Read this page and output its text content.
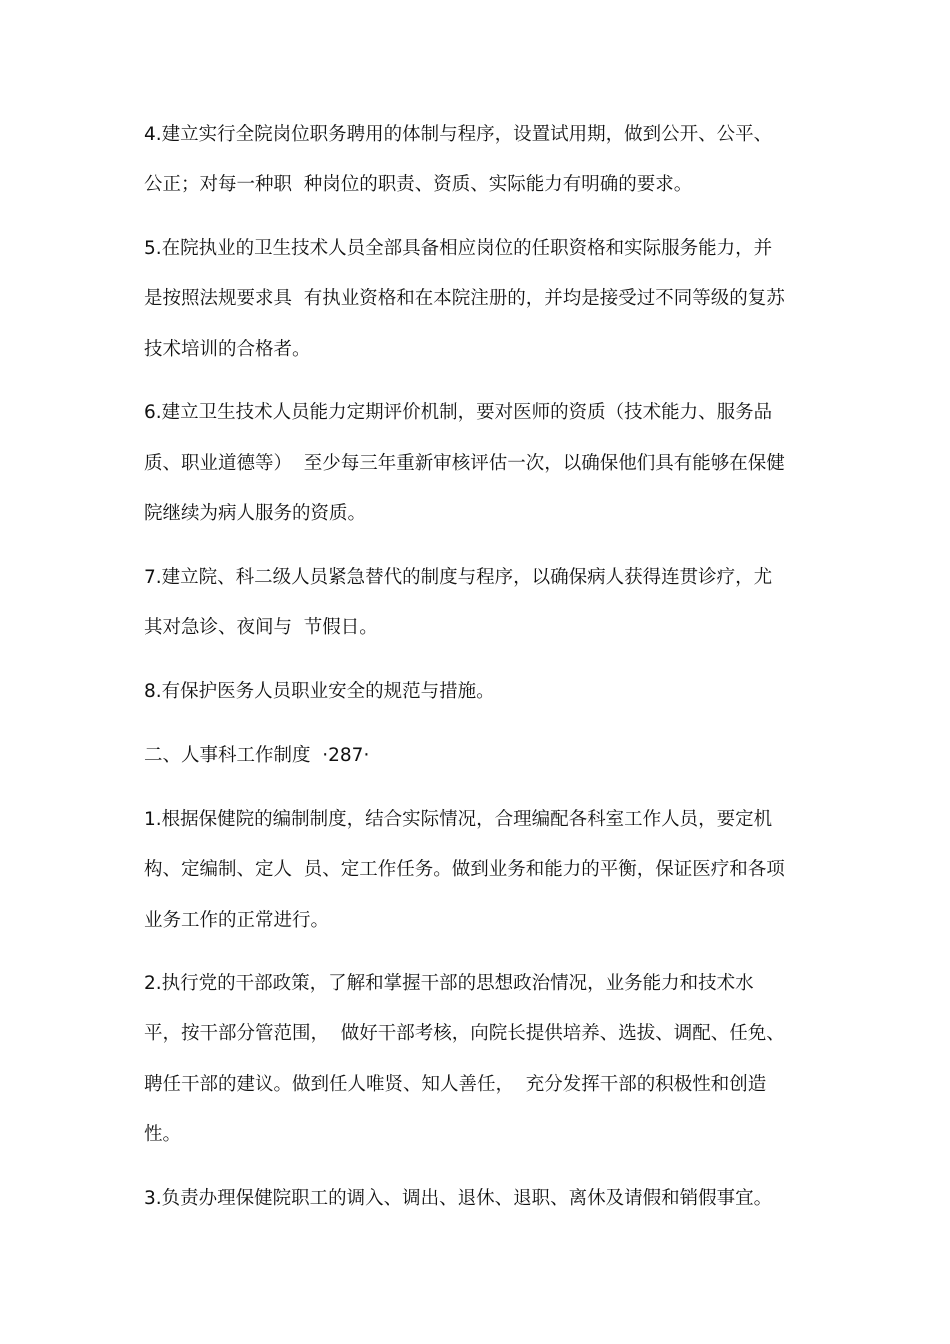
4.建立实行全院岗位职务聘用的体制与程序，设置试用期，做到公开、公平、
公正；对每一种职  种岗位的职责、资质、实际能力有明确的要求。
5.在院执业的卫生技术人员全部具备相应岗位的任职资格和实际服务能力，并
是按照法规要求具  有执业资格和在本院注册的，并均是接受过不同等级的复苏
技术培训的合格者。
6.建立卫生技术人员能力定期评价机制，要对医师的资质（技术能力、服务品
质、职业道德等）  至少每三年重新审核评估一次，以确保他们具有能够在保健
院继续为病人服务的资质。
7.建立院、科二级人员紧急替代的制度与程序，以确保病人获得连贯诊疗，尤
其对急诊、夜间与  节假日。
8.有保护医务人员职业安全的规范与措施。
二、人事科工作制度  ·287·
1.根据保健院的编制制度，结合实际情况，合理编配各科室工作人员，要定机
构、定编制、定人  员、定工作任务。做到业务和能力的平衡，保证医疗和各项
业务工作的正常进行。
2.执行党的干部政策，了解和掌握干部的思想政治情况，业务能力和技术水
平，按干部分管范围，  做好干部考核，向院长提供培养、选拔、调配、任免、
聘任干部的建议。做到任人唯贤、知人善任，  充分发挥干部的积极性和创造
性。
3.负责办理保健院职工的调入、调出、退休、退职、离休及请假和销假事宜。
